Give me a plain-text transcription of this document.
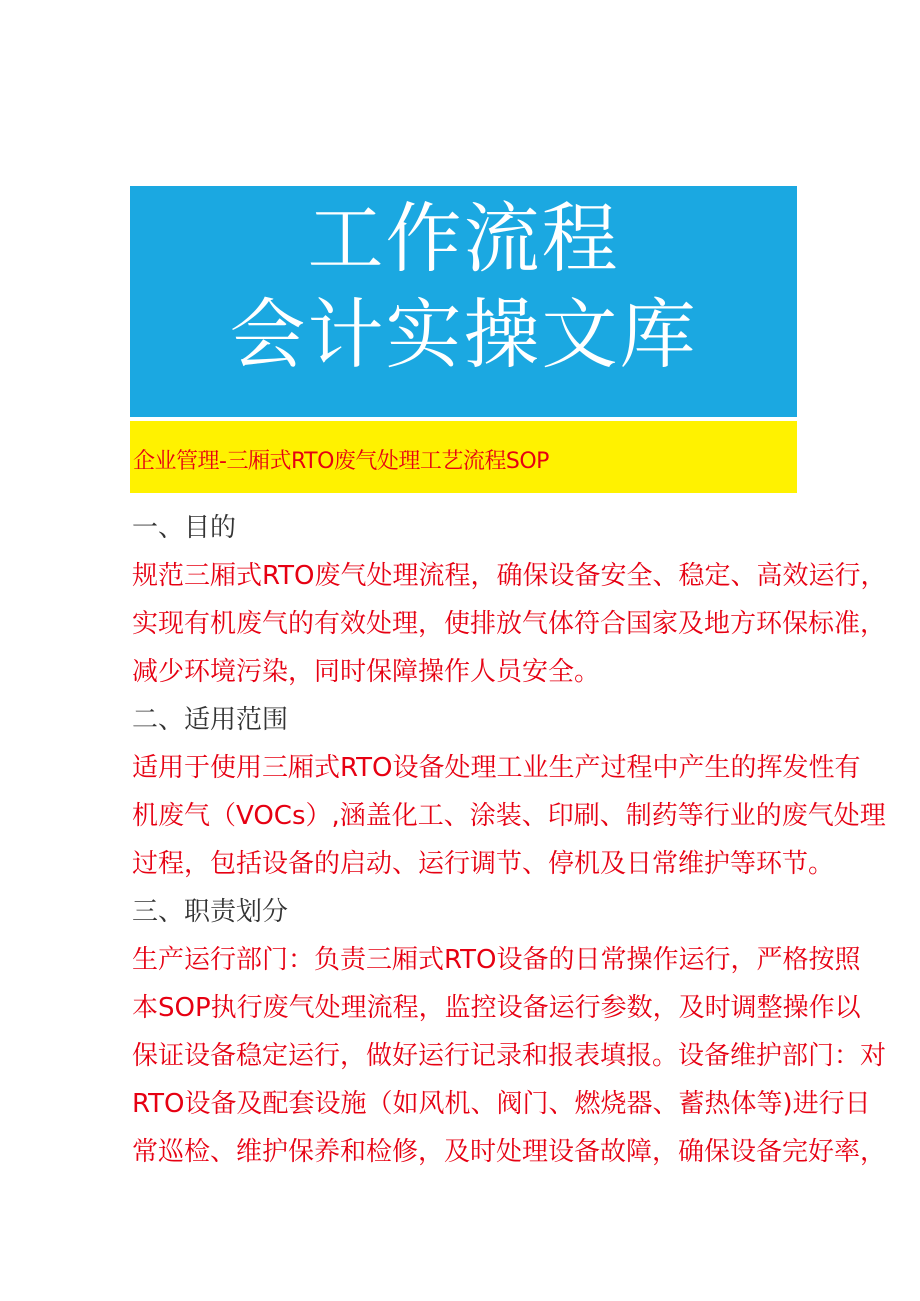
工作流程
会计实操文库
企业管理-三厢式RTO废气处理工艺流程SOP
一、目的
规范三厢式RTO废气处理流程，确保设备安全、稳定、高效运行，
实现有机废气的有效处理，使排放气体符合国家及地方环保标准，
减少环境污染，同时保障操作人员安全。
二、适用范围
适用于使用三厢式RTO设备处理工业生产过程中产生的挥发性有
机废气（VOCs）,涵盖化工、涂装、印刷、制药等行业的废气处理
过程，包括设备的启动、运行调节、停机及日常维护等环节。
三、职责划分
生产运行部门：负责三厢式RTO设备的日常操作运行，严格按照
本SOP执行废气处理流程，监控设备运行参数，及时调整操作以
保证设备稳定运行，做好运行记录和报表填报。设备维护部门：对
RTO设备及配套设施（如风机、阀门、燃烧器、蓄热体等)进行日
常巡检、维护保养和检修，及时处理设备故障，确保设备完好率，
